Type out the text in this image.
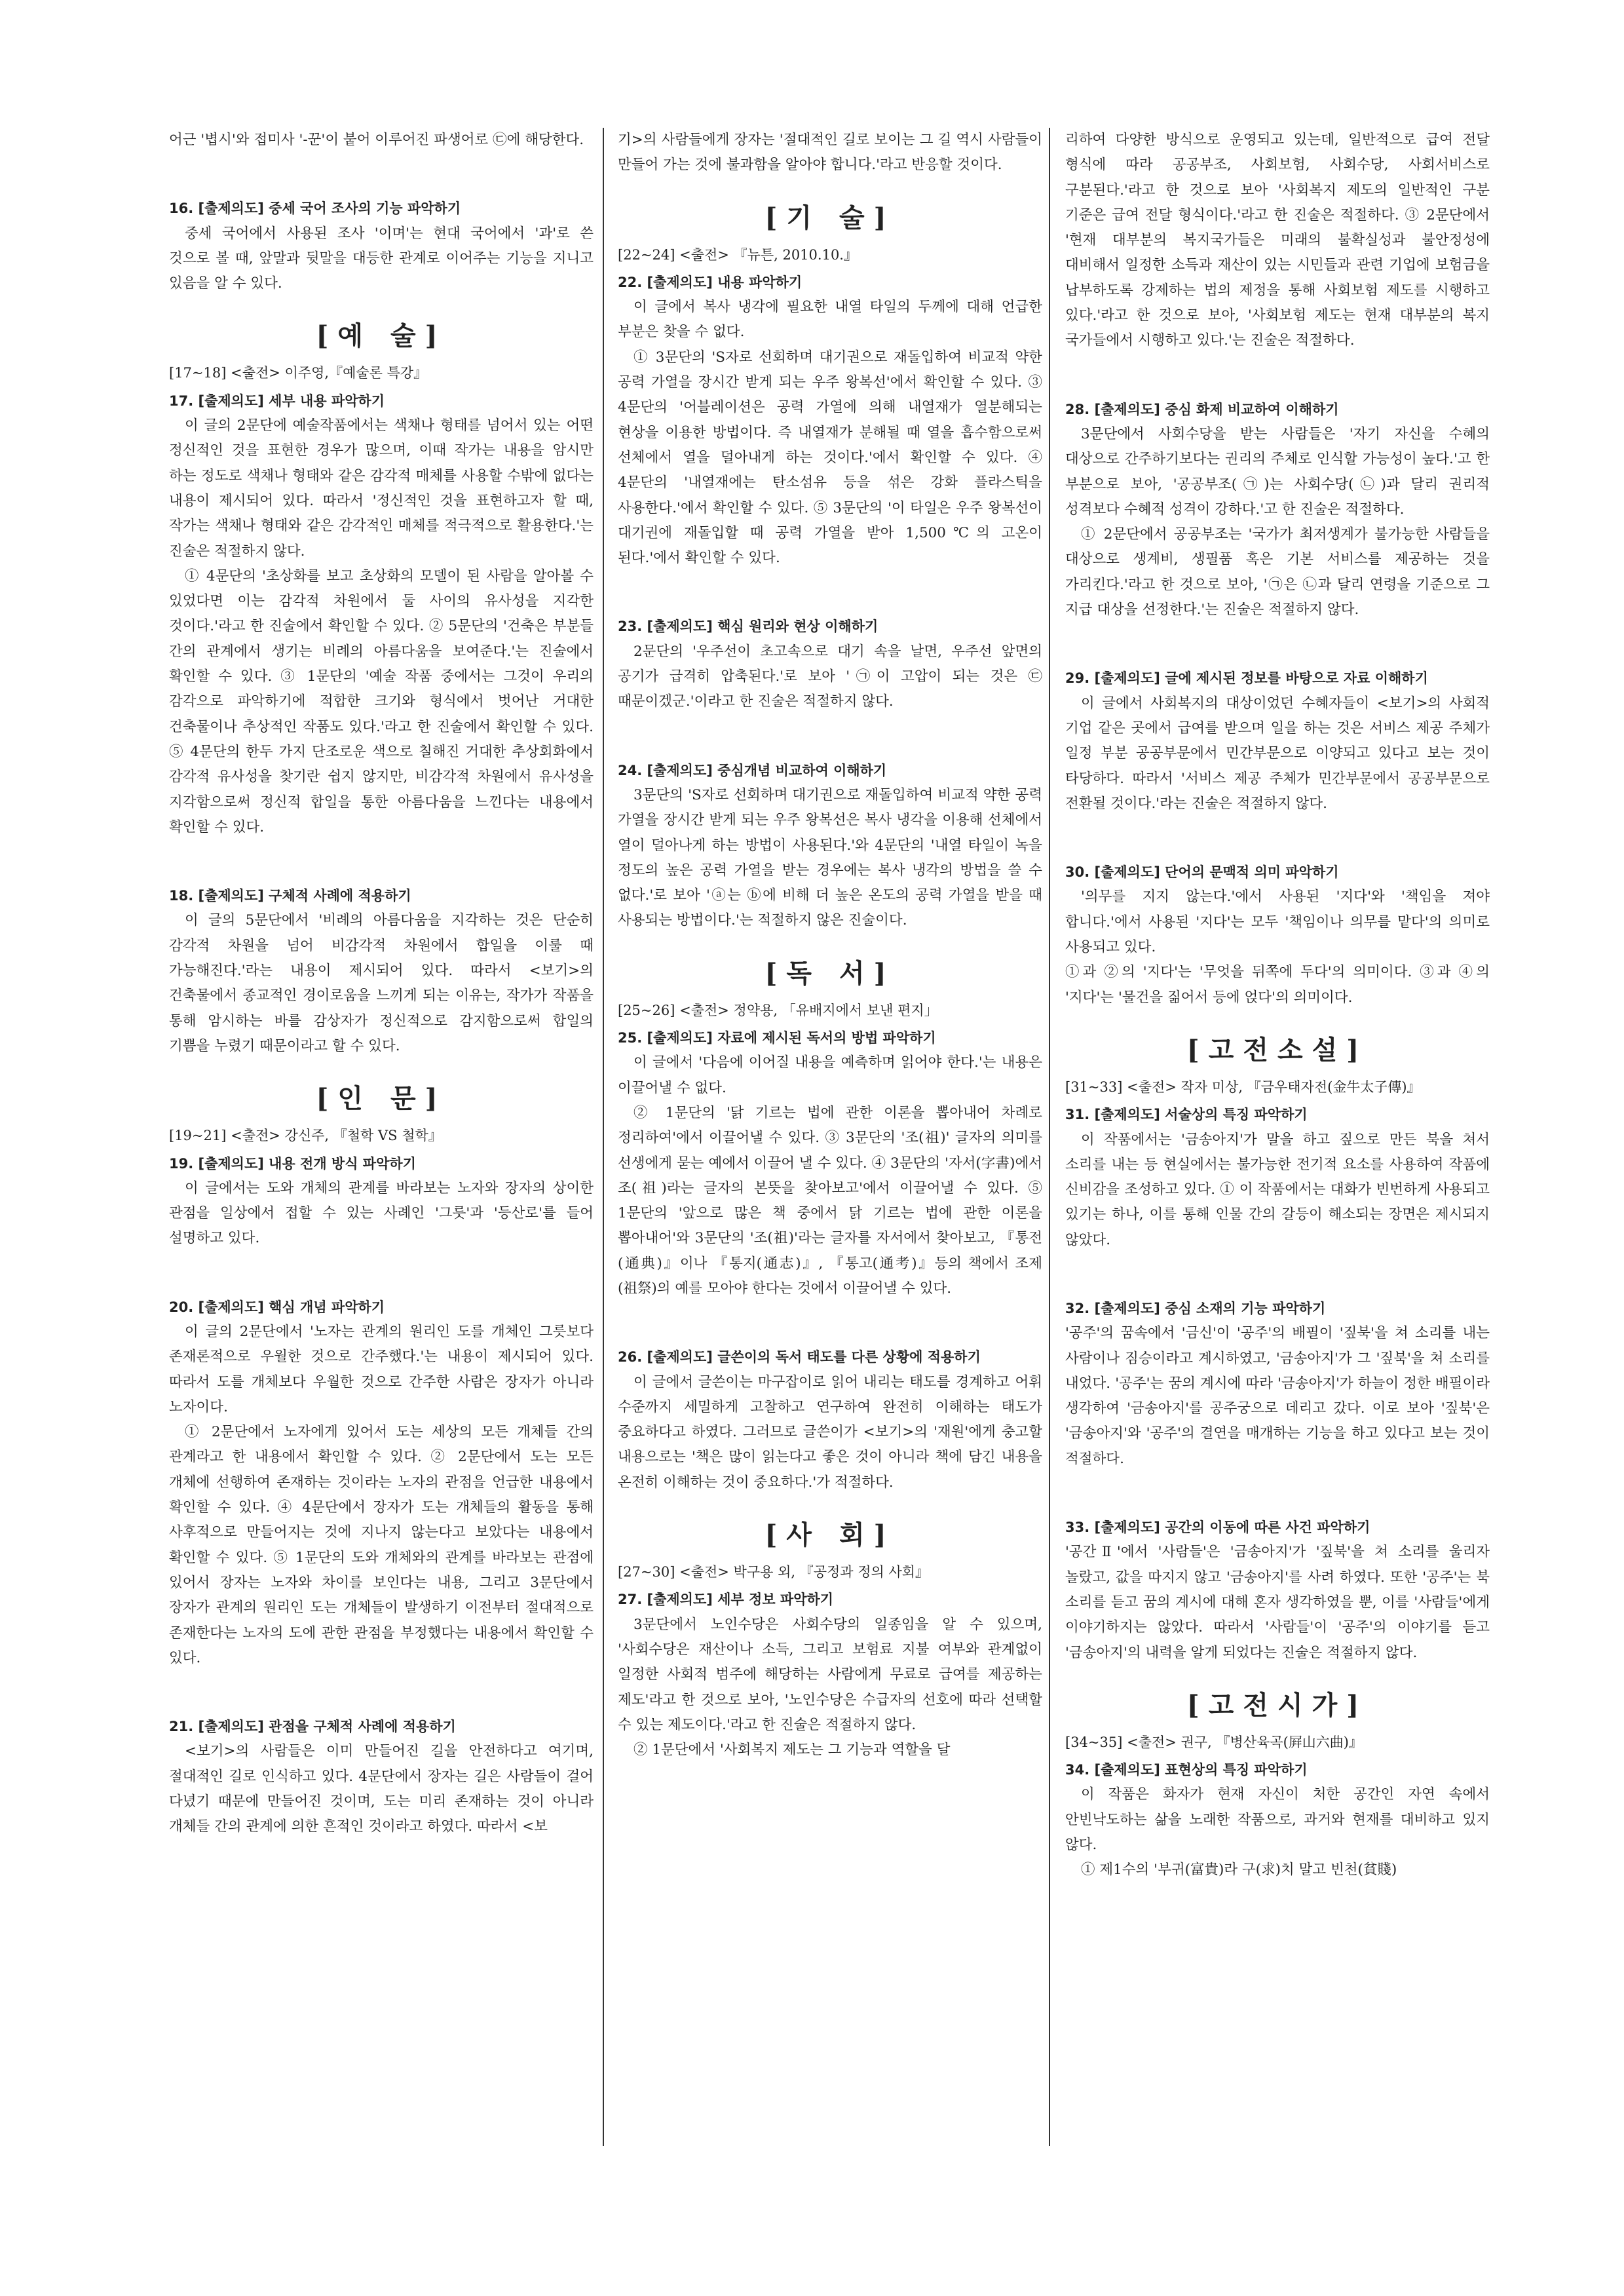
어근 '볍시'와 접미사 '-꾼'이 붙어 이루어진 파생어로 ㉢에 해당한다.

16. [출제의도] 중세 국어 조사의 기능 파악하기

중세 국어에서 사용된 조사 '이며'는 현대 국어에서 '과'로 쓴 것으로 볼 때, 앞말과 뒷말을 대등한 관계로 이어주는 기능을 지니고 있음을 알 수 있다.

[예 술]
[17~18] <출전> 이주영,『예술론 특강』
17. [출제의도] 세부 내용 파악하기

이 글의 2문단에 예술작품에서는 색채나 형태를 넘어서 있는 어떤 정신적인 것을 표현한 경우가 많으며, 이때 작가는 내용을 암시만 하는 정도로 색채나 형태와 같은 감각적 매체를 사용할 수밖에 없다는 내용이 제시되어 있다. 따라서 '정신적인 것을 표현하고자 할 때, 작가는 색채나 형태와 같은 감각적인 매체를 적극적으로 활용한다.'는 진술은 적절하지 않다.

① 4문단의 '초상화를 보고 초상화의 모델이 된 사람을 알아볼 수 있었다면 이는 감각적 차원에서 둘 사이의 유사성을 지각한 것이다.'라고 한 진술에서 확인할 수 있다. ② 5문단의 '건축은 부분들 간의 관계에서 생기는 비례의 아름다움을 보여준다.'는 진술에서 확인할 수 있다. ③ 1문단의 '예술 작품 중에서는 그것이 우리의 감각으로 파악하기에 적합한 크기와 형식에서 벗어난 거대한 건축물이나 추상적인 작품도 있다.'라고 한 진술에서 확인할 수 있다. ⑤ 4문단의 한두 가지 단조로운 색으로 칠해진 거대한 추상회화에서 감각적 유사성을 찾기란 쉽지 않지만, 비감각적 차원에서 유사성을 지각함으로써 정신적 합일을 통한 아름다움을 느낀다는 내용에서 확인할 수 있다.

18. [출제의도] 구체적 사례에 적용하기

이 글의 5문단에서 '비례의 아름다움을 지각하는 것은 단순히 감각적 차원을 넘어 비감각적 차원에서 합일을 이룰 때 가능해진다.'라는 내용이 제시되어 있다. 따라서 <보기>의 건축물에서 종교적인 경이로움을 느끼게 되는 이유는, 작가가 작품을 통해 암시하는 바를 감상자가 정신적으로 감지함으로써 합일의 기쁨을 누렸기 때문이라고 할 수 있다.

[인 문]
[19~21] <출전> 강신주, 『철학 VS 철학』
19. [출제의도] 내용 전개 방식 파악하기

이 글에서는 도와 개체의 관계를 바라보는 노자와 장자의 상이한 관점을 일상에서 접할 수 있는 사례인 '그릇'과 '등산로'를 들어 설명하고 있다.

20. [출제의도] 핵심 개념 파악하기

이 글의 2문단에서 '노자는 관계의 원리인 도를 개체인 그릇보다 존재론적으로 우월한 것으로 간주했다.'는 내용이 제시되어 있다. 따라서 도를 개체보다 우월한 것으로 간주한 사람은 장자가 아니라 노자이다.

① 2문단에서 노자에게 있어서 도는 세상의 모든 개체들 간의 관계라고 한 내용에서 확인할 수 있다. ② 2문단에서 도는 모든 개체에 선행하여 존재하는 것이라는 노자의 관점을 언급한 내용에서 확인할 수 있다. ④ 4문단에서 장자가 도는 개체들의 활동을 통해 사후적으로 만들어지는 것에 지나지 않는다고 보았다는 내용에서 확인할 수 있다. ⑤ 1문단의 도와 개체와의 관계를 바라보는 관점에 있어서 장자는 노자와 차이를 보인다는 내용, 그리고 3문단에서 장자가 관계의 원리인 도는 개체들이 발생하기 이전부터 절대적으로 존재한다는 노자의 도에 관한 관점을 부정했다는 내용에서 확인할 수 있다.

21. [출제의도] 관점을 구체적 사례에 적용하기

<보기>의 사람들은 이미 만들어진 길을 안전하다고 여기며, 절대적인 길로 인식하고 있다. 4문단에서 장자는 길은 사람들이 걸어 다녔기 때문에 만들어진 것이며, 도는 미리 존재하는 것이 아니라 개체들 간의 관계에 의한 흔적인 것이라고 하였다. 따라서 <보

기>의 사람들에게 장자는 '절대적인 길로 보이는 그 길 역시 사람들이 만들어 가는 것에 불과함을 알아야 합니다.'라고 반응할 것이다.

[기 술]
[22~24] <출전> 『뉴튼, 2010.10.』
22. [출제의도] 내용 파악하기

이 글에서 복사 냉각에 필요한 내열 타일의 두께에 대해 언급한 부분은 찾을 수 없다.

① 3문단의 'S자로 선회하며 대기권으로 재돌입하여 비교적 약한 공력 가열을 장시간 받게 되는 우주 왕복선'에서 확인할 수 있다. ③ 4문단의 '어블레이션은 공력 가열에 의해 내열재가 열분해되는 현상을 이용한 방법이다. 즉 내열재가 분해될 때 열을 흡수함으로써 선체에서 열을 덜아내게 하는 것이다.'에서 확인할 수 있다. ④ 4문단의 '내열재에는 탄소섬유 등을 섞은 강화 플라스틱을 사용한다.'에서 확인할 수 있다. ⑤ 3문단의 '이 타일은 우주 왕복선이 대기권에 재돌입할 때 공력 가열을 받아 1,500℃의 고온이 된다.'에서 확인할 수 있다.

23. [출제의도] 핵심 원리와 현상 이해하기

2문단의 '우주선이 초고속으로 대기 속을 날면, 우주선 앞면의 공기가 급격히 압축된다.'로 보아 '㉠이 고압이 되는 것은 ㉢ 때문이겠군.'이라고 한 진술은 적절하지 않다.

24. [출제의도] 중심개념 비교하여 이해하기

3문단의 'S자로 선회하며 대기권으로 재돌입하여 비교적 약한 공력 가열을 장시간 받게 되는 우주 왕복선은 복사 냉각을 이용해 선체에서 열이 덜아나게 하는 방법이 사용된다.'와 4문단의 '내열 타일이 녹을 정도의 높은 공력 가열을 받는 경우에는 복사 냉각의 방법을 쓸 수 없다.'로 보아 'ⓐ는 ⓑ에 비해 더 높은 온도의 공력 가열을 받을 때 사용되는 방법이다.'는 적절하지 않은 진술이다.

[독 서]
[25~26] <출전> 정약용, 「유배지에서 보낸 편지」
25. [출제의도] 자료에 제시된 독서의 방법 파악하기

이 글에서 '다음에 이어질 내용을 예측하며 읽어야 한다.'는 내용은 이끌어낼 수 없다.

② 1문단의 '닭 기르는 법에 관한 이론을 뽑아내어 차례로 정리하여'에서 이끌어낼 수 있다. ③ 3문단의 '조(祖)' 글자의 의미를 선생에게 묻는 예에서 이끌어 낼 수 있다. ④ 3문단의 '자서(字書)에서 조(祖)라는 글자의 본뜻을 찾아보고'에서 이끌어낼 수 있다. ⑤ 1문단의 '앞으로 많은 책 중에서 닭 기르는 법에 관한 이론을 뽑아내어'와 3문단의 '조(祖)'라는 글자를 자서에서 찾아보고, 『통전(通典)』이나 『통지(通志)』, 『통고(通考)』등의 책에서 조제(祖祭)의 예를 모아야 한다는 것에서 이끌어낼 수 있다.

26. [출제의도] 글쓴이의 독서 태도를 다른 상황에 적용하기

이 글에서 글쓴이는 마구잡이로 읽어 내리는 태도를 경계하고 어휘 수준까지 세밀하게 고찰하고 연구하여 완전히 이해하는 태도가 중요하다고 하였다. 그러므로 글쓴이가 <보기>의 '재원'에게 충고할 내용으로는 '책은 많이 읽는다고 좋은 것이 아니라 책에 담긴 내용을 온전히 이해하는 것이 중요하다.'가 적절하다.

[사 회]
[27~30] <출전> 박구용 외, 『공정과 정의 사회』
27. [출제의도] 세부 정보 파악하기

3문단에서 노인수당은 사회수당의 일종임을 알 수 있으며, '사회수당은 재산이나 소득, 그리고 보험료 지불 여부와 관계없이 일정한 사회적 범주에 해당하는 사람에게 무료로 급여를 제공하는 제도'라고 한 것으로 보아, '노인수당은 수급자의 선호에 따라 선택할 수 있는 제도이다.'라고 한 진술은 적절하지 않다.

② 1문단에서 '사회복지 제도는 그 기능과 역할을 달

리하여 다양한 방식으로 운영되고 있는데, 일반적으로 급여 전달 형식에 따라 공공부조, 사회보험, 사회수당, 사회서비스로 구분된다.'라고 한 것으로 보아 '사회복지 제도의 일반적인 구분 기준은 급여 전달 형식이다.'라고 한 진술은 적절하다. ③ 2문단에서 '현재 대부분의 복지국가들은 미래의 불확실성과 불안정성에 대비해서 일정한 소득과 재산이 있는 시민들과 관련 기업에 보험금을 납부하도록 강제하는 법의 제정을 통해 사회보험 제도를 시행하고 있다.'라고 한 것으로 보아, '사회보험 제도는 현재 대부분의 복지 국가들에서 시행하고 있다.'는 진술은 적절하다.

28. [출제의도] 중심 화제 비교하여 이해하기

3문단에서 사회수당을 받는 사람들은 '자기 자신을 수혜의 대상으로 간주하기보다는 권리의 주체로 인식할 가능성이 높다.'고 한 부분으로 보아, '공공부조(㉠)는 사회수당(㉡)과 달리 권리적 성격보다 수혜적 성격이 강하다.'고 한 진술은 적절하다.

① 2문단에서 공공부조는 '국가가 최저생계가 불가능한 사람들을 대상으로 생계비, 생필품 혹은 기본 서비스를 제공하는 것을 가리킨다.'라고 한 것으로 보아, '㉠은 ㉡과 달리 연령을 기준으로 그 지급 대상을 선정한다.'는 진술은 적절하지 않다.

29. [출제의도] 글에 제시된 정보를 바탕으로 자료 이해하기

이 글에서 사회복지의 대상이었던 수혜자들이 <보기>의 사회적 기업 같은 곳에서 급여를 받으며 일을 하는 것은 서비스 제공 주체가 일정 부분 공공부문에서 민간부문으로 이양되고 있다고 보는 것이 타당하다. 따라서 '서비스 제공 주체가 민간부문에서 공공부문으로 전환될 것이다.'라는 진술은 적절하지 않다.

30. [출제의도] 단어의 문맥적 의미 파악하기

'의무를 지지 않는다.'에서 사용된 '지다'와 '책임을 져야 합니다.'에서 사용된 '지다'는 모두 '책임이나 의무를 맡다'의 의미로 사용되고 있다.

①과 ②의 '지다'는 '무엇을 뒤쪽에 두다'의 의미이다. ③과 ④의 '지다'는 '물건을 짊어서 등에 얹다'의 의미이다.

[고전소설]
[31~33] <출전> 작자 미상, 『금우태자전(金牛太子傳)』
31. [출제의도] 서술상의 특징 파악하기

이 작품에서는 '금송아지'가 말을 하고 짚으로 만든 북을 쳐서 소리를 내는 등 현실에서는 불가능한 전기적 요소를 사용하여 작품에 신비감을 조성하고 있다. ① 이 작품에서는 대화가 빈번하게 사용되고 있기는 하나, 이를 통해 인물 간의 갈등이 해소되는 장면은 제시되지 않았다.

32. [출제의도] 중심 소재의 기능 파악하기

'공주'의 꿈속에서 '금신'이 '공주'의 배필이 '짚북'을 쳐 소리를 내는 사람이나 짐승이라고 계시하였고, '금송아지'가 그 '짚북'을 쳐 소리를 내었다. '공주'는 꿈의 계시에 따라 '금송아지'가 하늘이 정한 배필이라 생각하여 '금송아지'를 공주궁으로 데리고 갔다. 이로 보아 '짚북'은 '금송아지'와 '공주'의 결연을 매개하는 기능을 하고 있다고 보는 것이 적절하다.

33. [출제의도] 공간의 이동에 따른 사건 파악하기

'공간Ⅱ'에서 '사람들'은 '금송아지'가 '짚북'을 쳐 소리를 울리자 놀랐고, 값을 따지지 않고 '금송아지'를 사려 하였다. 또한 '공주'는 북 소리를 듣고 꿈의 계시에 대해 혼자 생각하였을 뿐, 이를 '사람들'에게 이야기하지는 않았다. 따라서 '사람들'이 '공주'의 이야기를 듣고 '금송아지'의 내력을 알게 되었다는 진술은 적절하지 않다.

[고전시가]
[34~35] <출전> 권구, 『병산육곡(屛山六曲)』
34. [출제의도] 표현상의 특징 파악하기

이 작품은 화자가 현재 자신이 처한 공간인 자연 속에서 안빈낙도하는 삶을 노래한 작품으로, 과거와 현재를 대비하고 있지 않다.

① 제1수의 '부귀(富貴)라 구(求)치 말고 빈천(貧賤)
